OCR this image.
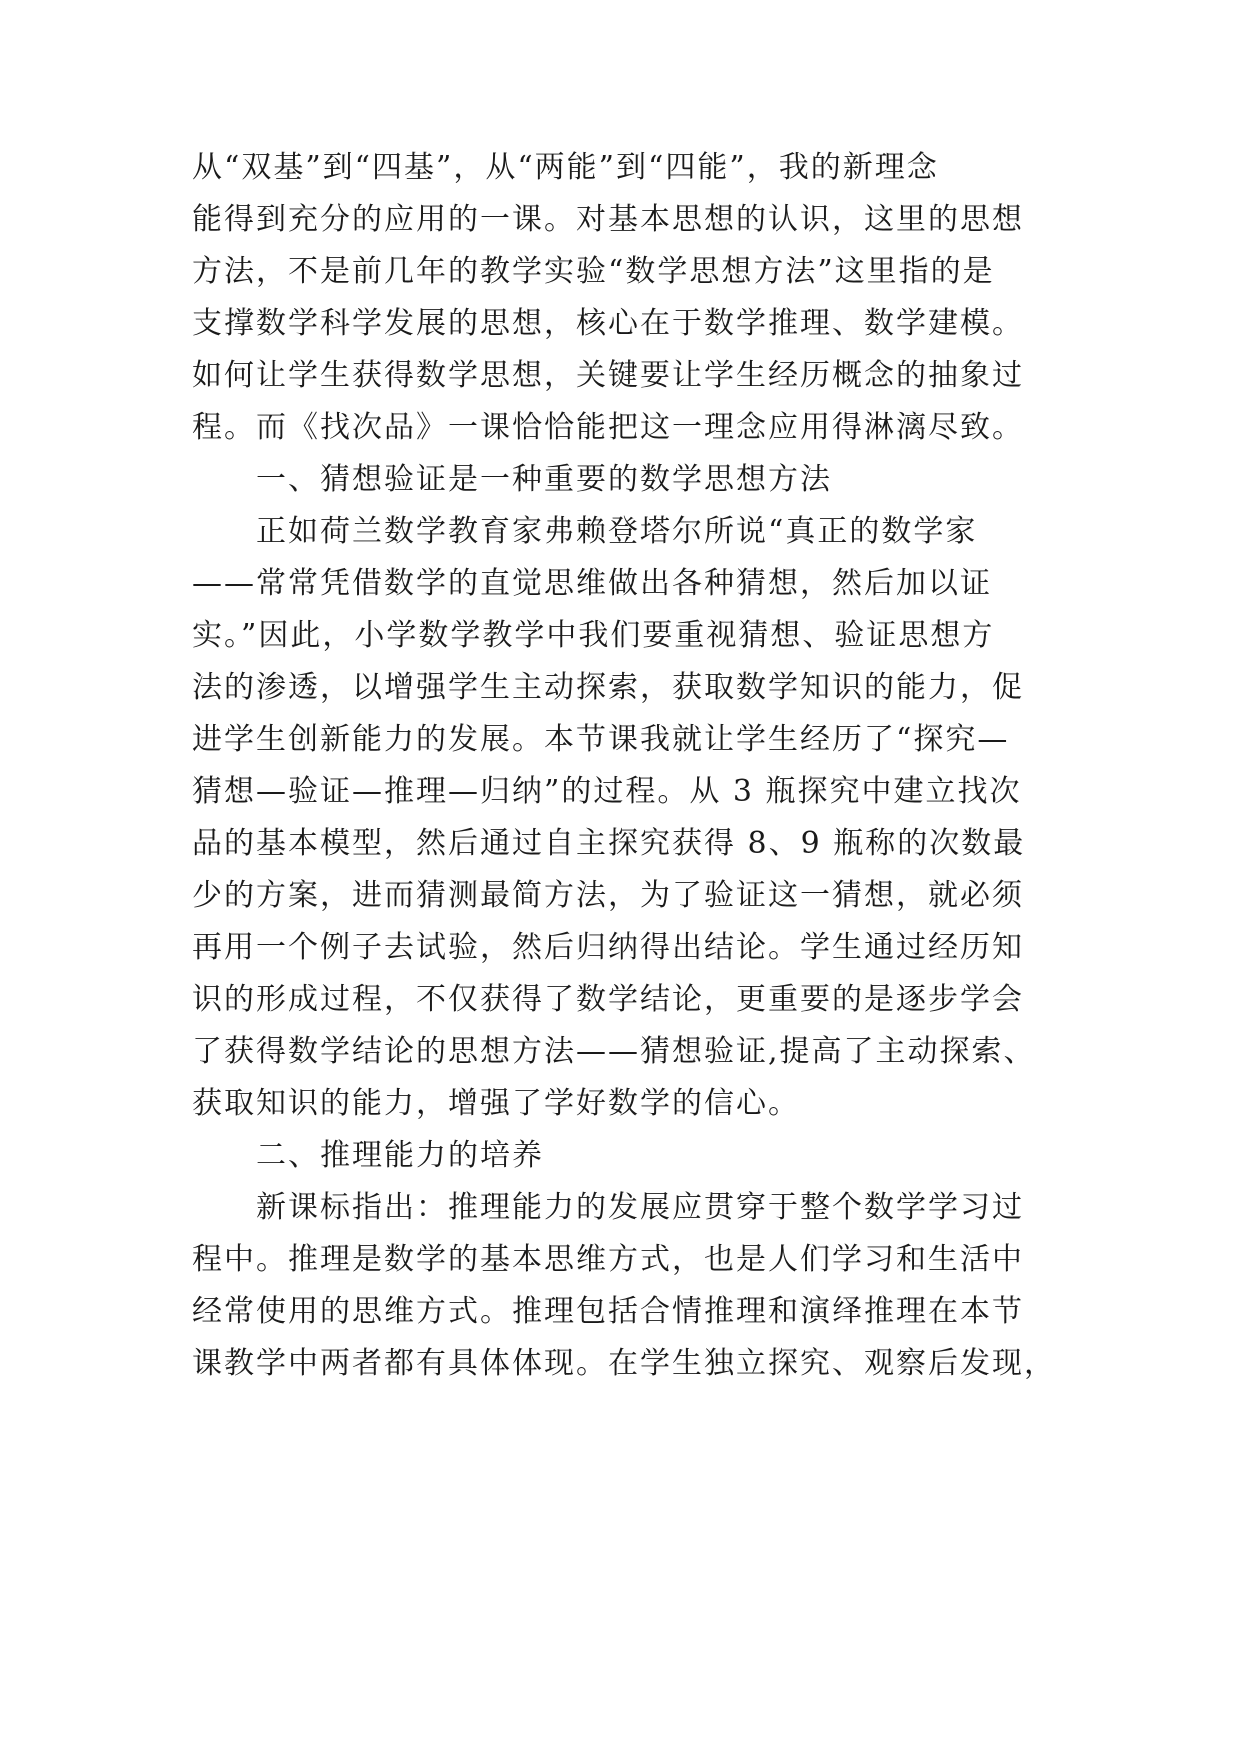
从“双基”到“四基”，从“两能”到“四能”，我的新理念
能得到充分的应用的一课。对基本思想的认识，这里的思想
方法，不是前几年的教学实验“数学思想方法”这里指的是
支撑数学科学发展的思想，核心在于数学推理、数学建模。
如何让学生获得数学思想，关键要让学生经历概念的抽象过
程。而《找次品》一课恰恰能把这一理念应用得淋漓尽致。
一、猜想验证是一种重要的数学思想方法
正如荷兰数学教育家弗赖登塔尔所说“真正的数学家
——常常凭借数学的直觉思维做出各种猜想，然后加以证
实。”因此，小学数学教学中我们要重视猜想、验证思想方
法的渗透，以增强学生主动探索，获取数学知识的能力，促
进学生创新能力的发展。本节课我就让学生经历了“探究—
猜想—验证—推理—归纳”的过程。从 3 瓶探究中建立找次
品的基本模型，然后通过自主探究获得 8、9 瓶称的次数最
少的方案，进而猜测最简方法，为了验证这一猜想，就必须
再用一个例子去试验，然后归纳得出结论。学生通过经历知
识的形成过程，不仅获得了数学结论，更重要的是逐步学会
了获得数学结论的思想方法——猜想验证,提高了主动探索、
获取知识的能力，增强了学好数学的信心。
二、推理能力的培养
新课标指出：推理能力的发展应贯穿于整个数学学习过
程中。推理是数学的基本思维方式，也是人们学习和生活中
经常使用的思维方式。推理包括合情推理和演绎推理在本节
课教学中两者都有具体体现。在学生独立探究、观察后发现，
